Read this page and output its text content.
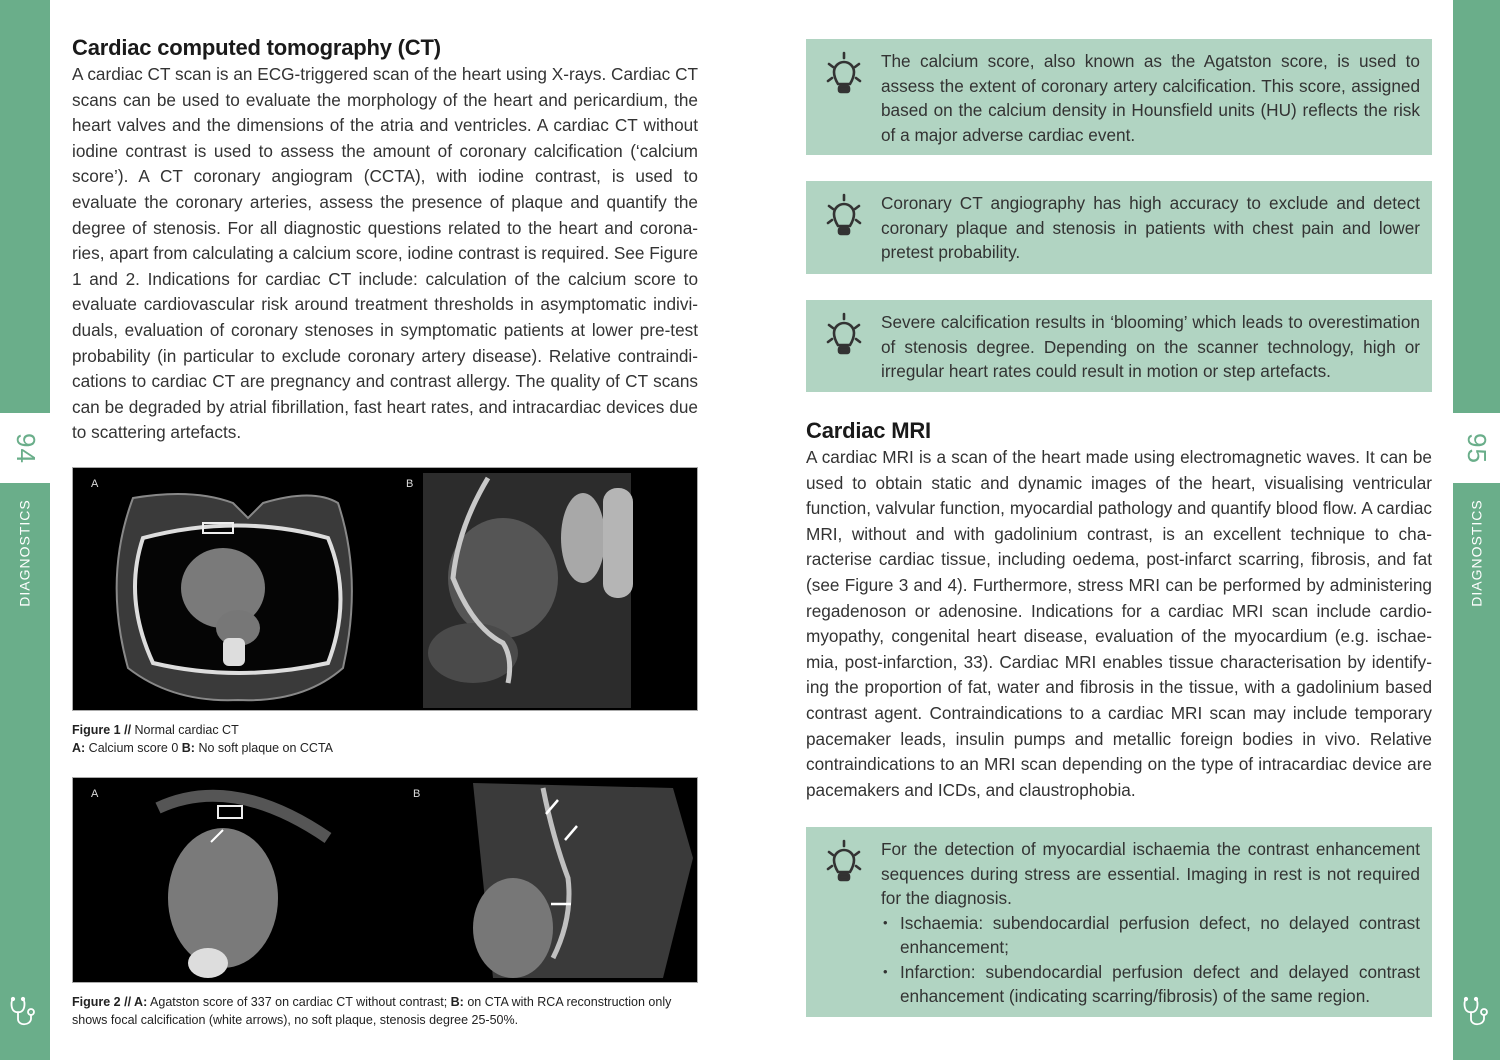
94
DIAGNOSTICS
95
DIAGNOSTICS
Cardiac computed tomography (CT)

A cardiac CT scan is an ECG-triggered scan of the heart using X-rays. Cardiac CT scans can be used to evaluate the morphology of the heart and pericardium, the heart valves and the dimensions of the atria and ventricles. A cardiac CT without iodine contrast is used to assess the amount of coronary calcification (‘calcium score’). A CT coronary angiogram (CCTA), with iodine contrast, is used to evaluate the coronary arteries, assess the presence of plaque and quantify the degree of stenosis. For all diagnostic questions related to the heart and coronaries, apart from calculating a calcium score, iodine contrast is required. See Figure 1 and 2. Indications for cardiac CT include: calculation of the calcium score to evaluate cardiovascular risk around treatment thresholds in asymptomatic individuals, evaluation of coronary stenoses in symptomatic patients at lower pre-test probability (in particular to exclude coronary artery disease). Relative contraindications to cardiac CT are pregnancy and contrast allergy. The quality of CT scans can be degraded by atrial fibrillation, fast heart rates, and intracardiac devices due to scattering artefacts.

A	B
Figure 1 // Normal cardiac CT
A: Calcium score 0 B: No soft plaque on CCTA
A	B
Figure 2 // A: Agatston score of 337 on cardiac CT without contrast; B: on CTA with RCA reconstruction only shows focal calcification (white arrows), no soft plaque, stenosis degree 25-50%.

The calcium score, also known as the Agatston score, is used to assess the extent of coronary artery calcification. This score, assigned based on the calcium density in Hounsfield units (HU) reflects the risk of a major adverse cardiac event.

Coronary CT angiography has high accuracy to exclude and detect coronary plaque and stenosis in patients with chest pain and lower pretest probability.

Severe calcification results in ‘blooming’ which leads to overestimation of stenosis degree. Depending on the scanner technology, high or irregular heart rates could result in motion or step artefacts.

Cardiac MRI

A cardiac MRI is a scan of the heart made using electromagnetic waves. It can be used to obtain static and dynamic images of the heart, visualising ventricular function, valvular function, myocardial pathology and quantify blood flow. A cardiac MRI, without and with gadolinium contrast, is an excellent technique to characterise cardiac tissue, including oedema, post-infarct scarring, fibrosis, and fat (see Figure 3 and 4). Furthermore, stress MRI can be performed by administering regadenoson or adenosine. Indications for a cardiac MRI scan include cardiomyopathy, congenital heart disease, evaluation of the myocardium (e.g. ischaemia, post-infarction, 33). Cardiac MRI enables tissue characterisation by identifying the proportion of fat, water and fibrosis in the tissue, with a gadolinium based contrast agent. Contraindications to a cardiac MRI scan may include temporary pacemaker leads, insulin pumps and metallic foreign bodies in vivo. Relative contraindications to an MRI scan depending on the type of intracardiac device are pacemakers and ICDs, and claustrophobia.

For the detection of myocardial ischaemia the contrast enhancement sequences during stress are essential. Imaging in rest is not required for the diagnosis.

• Ischaemia: subendocardial perfusion defect, no delayed contrast enhancement;
• Infarction: subendocardial perfusion defect and delayed contrast enhancement (indicating scarring/fibrosis) of the same region.
